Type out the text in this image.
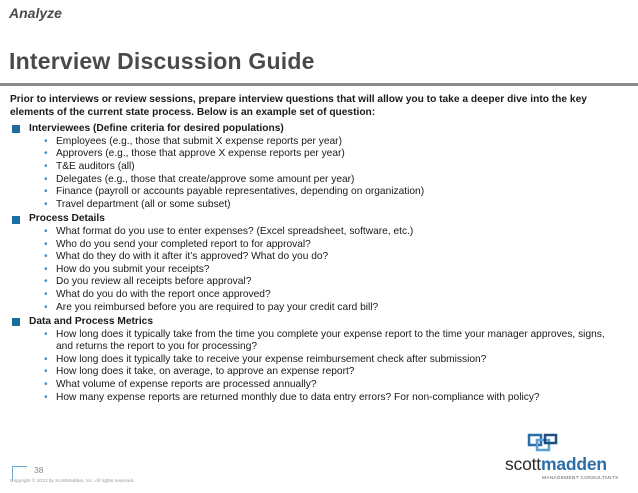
Analyze
Interview Discussion Guide
Prior to interviews or review sessions, prepare interview questions that will allow you to take a deeper dive into the key elements of the current state process. Below is an example set of question:
Interviewees (Define criteria for desired populations)
• Employees (e.g., those that submit X expense reports per year)
• Approvers (e.g., those that approve X expense reports per year)
• T&E auditors (all)
• Delegates (e.g., those that create/approve some amount per year)
• Finance (payroll or accounts payable representatives, depending on organization)
• Travel department (all or some subset)
Process Details
• What format do you use to enter expenses? (Excel spreadsheet, software, etc.)
• Who do you send your completed report to for approval?
• What do they do with it after it’s approved? What do you do?
• How do you submit your receipts?
• Do you review all receipts before approval?
• What do you do with the report once approved?
• Are you reimbursed before you are required to pay your credit card bill?
Data and Process Metrics
• How long does it typically take from the time you complete your expense report to the time your manager approves, signs, and returns the report to you for processing?
• How long does it typically take to receive your expense reimbursement check after submission?
• How long does it take, on average, to approve an expense report?
• What volume of expense reports are processed annually?
• How many expense reports are returned monthly due to data entry errors? For non-compliance with policy?
38
Copyright © 2013 by ScottMadden, Inc. All rights reserved.
scottmadden
MANAGEMENT CONSULTANTS
